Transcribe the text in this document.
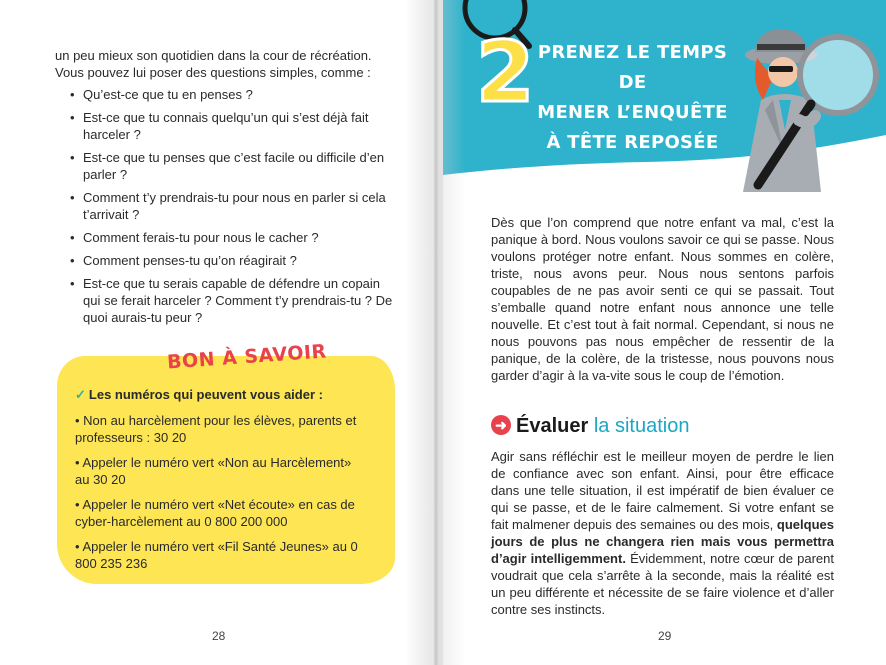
un peu mieux son quotidien dans la cour de récréation. Vous pouvez lui poser des questions simples, comme :

• Qu’est-ce que tu en penses ?
• Est-ce que tu connais quelqu’un qui s’est déjà fait harceler ?
• Est-ce que tu penses que c’est facile ou difficile d’en parler ?
• Comment t’y prendrais-tu pour nous en parler si cela t’arrivait ?
• Comment ferais-tu pour nous le cacher ?
• Comment penses-tu qu’on réagirait ?
• Est-ce que tu serais capable de défendre un copain qui se ferait harceler ? Comment t’y prendrais-tu ? De quoi aurais-tu peur ?

✓ Les numéros qui peuvent vous aider :

• Non au harcèlement pour les élèves, parents et professeurs : 30 20

• Appeler le numéro vert «Non au Harcèlement» au 30 20

• Appeler le numéro vert «Net écoute» en cas de cyber-harcèlement au 0 800 200 000

• Appeler le numéro vert «Fil Santé Jeunes» au 0 800 235 236

BON À SAVOIR
28
2 PRENEZ LE TEMPS DE
MENER L’ENQUÊTE
À TÊTE REPOSÉE

Dès que l’on comprend que notre enfant va mal, c’est la panique à bord. Nous voulons savoir ce qui se passe. Nous voulons protéger notre enfant. Nous sommes en colère, triste, nous avons peur. Nous nous sentons parfois coupables de ne pas avoir senti ce qui se passait. Tout s’emballe quand notre enfant nous annonce une telle nouvelle. Et c’est tout à fait normal. Cependant, si nous ne nous pouvons pas nous empêcher de ressentir de la panique, de la colère, de la tristesse, nous pouvons nous garder d’agir à la va-vite sous le coup de l’émotion.

➜ Évaluer la situation

Agir sans réfléchir est le meilleur moyen de perdre le lien de confiance avec son enfant. Ainsi, pour être efficace dans une telle situation, il est impératif de bien évaluer ce qui se passe, et de le faire calmement. Si votre enfant se fait malmener depuis des semaines ou des mois, quelques jours de plus ne changera rien mais vous permettra d’agir intelligemment. Évidemment, notre cœur de parent voudrait que cela s’arrête à la seconde, mais la réalité est un peu différente et nécessite de se faire violence et d’aller contre ses instincts.

29
